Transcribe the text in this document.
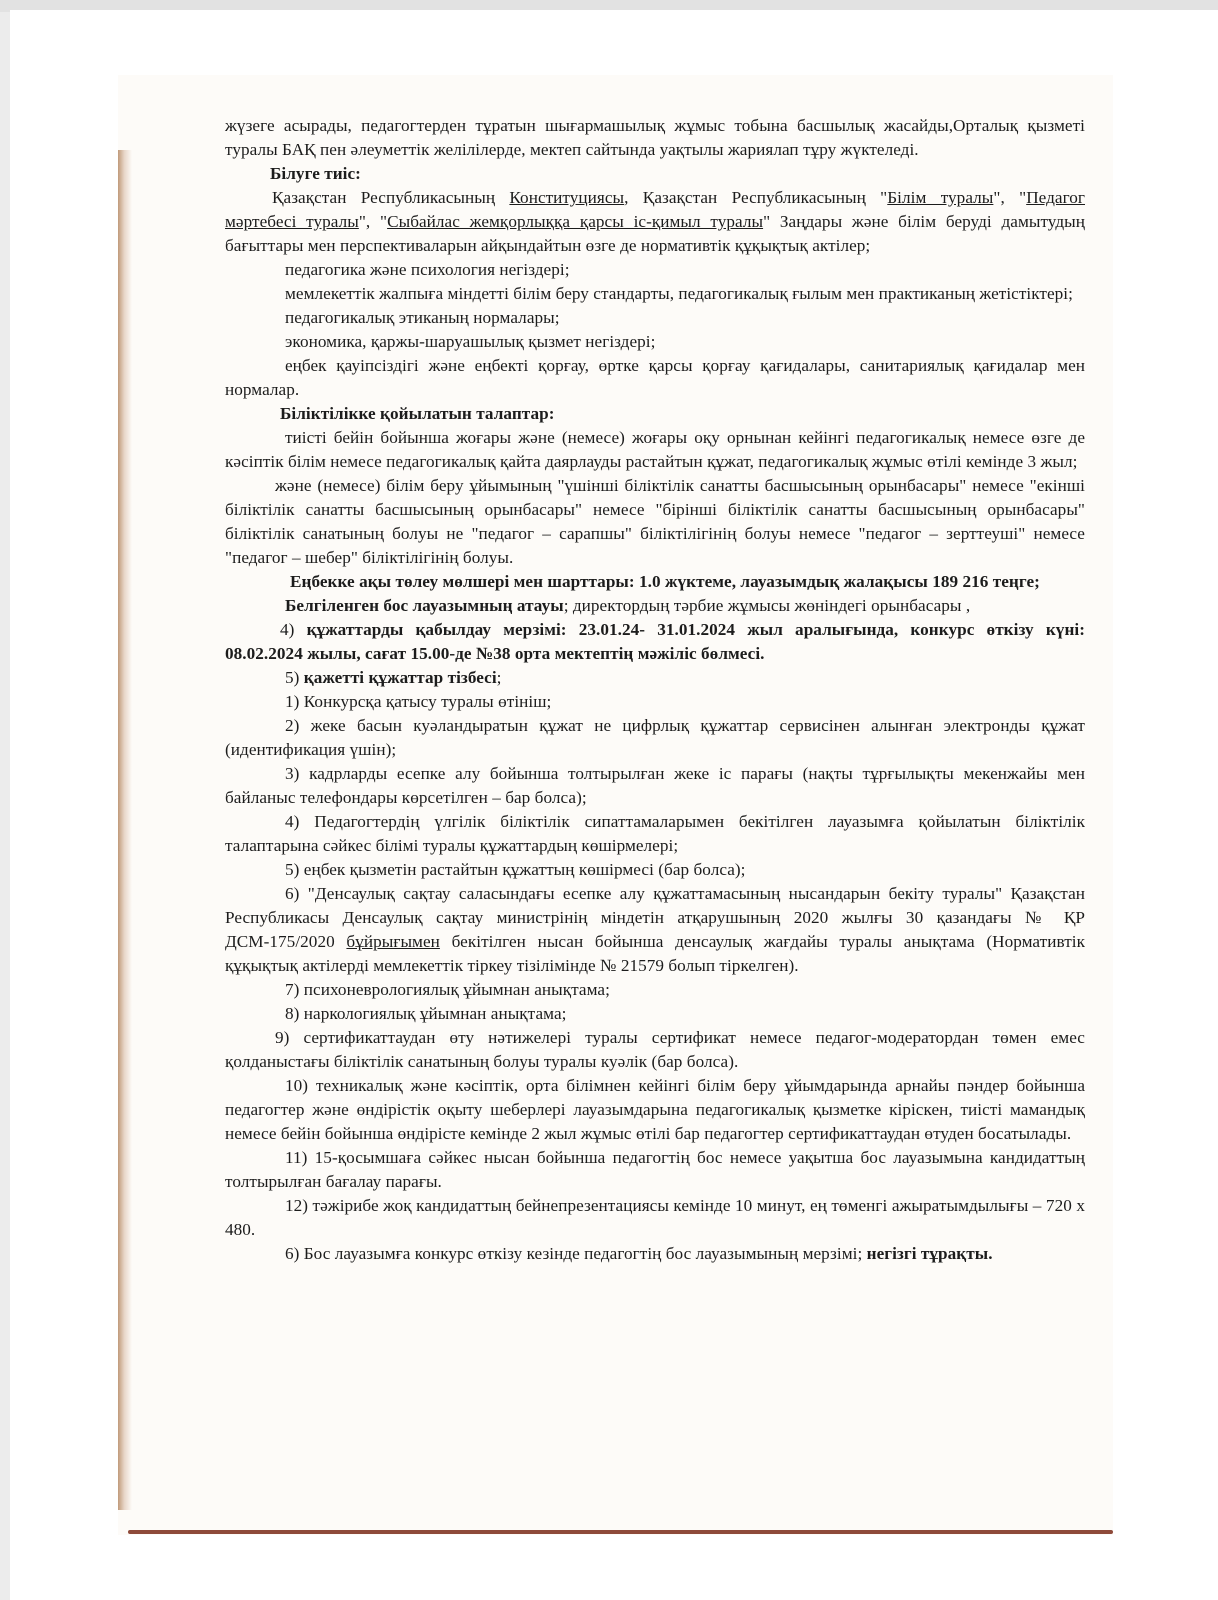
жүзеге асырады, педагогтерден тұратын шығармашылық жұмыс тобына басшылық жасайды,Орталық қызметі туралы БАҚ пен әлеуметтік желілілерде, мектеп сайтында уақтылы жариялап тұру жүктеледі.

Білуге тиіс:

Қазақстан Республикасының Конституциясы, Қазақстан Республикасының "Білім туралы", "Педагог мәртебесі туралы", "Сыбайлас жемқорлыққа қарсы іс-қимыл туралы" Заңдары және білім беруді дамытудың бағыттары мен перспективаларын айқындайтын өзге де нормативтік құқықтық актілер;

педагогика және психология негіздері;

мемлекеттік жалпыға міндетті білім беру стандарты, педагогикалық ғылым мен практиканың жетістіктері;

педагогикалық этиканың нормалары;

экономика, қаржы-шаруашылық қызмет негіздері;

еңбек қауіпсіздігі және еңбекті қорғау, өртке қарсы қорғау қағидалары, санитариялық қағидалар мен нормалар.

Біліктілікке қойылатын талаптар:

тиісті бейін бойынша жоғары және (немесе) жоғары оқу орнынан кейінгі педагогикалық немесе өзге де кәсіптік білім немесе педагогикалық қайта даярлауды растайтын құжат, педагогикалық жұмыс өтілі кемінде 3 жыл;

және (немесе) білім беру ұйымының "үшінші біліктілік санатты басшысының орынбасары" немесе "екінші біліктілік санатты басшысының орынбасары" немесе "бірінші біліктілік санатты басшысының орынбасары" біліктілік санатының болуы не "педагог – сарапшы" біліктілігінің болуы немесе "педагог – зерттеуші" немесе "педагог – шебер" біліктілігінің болуы.

Еңбекке ақы төлеу мөлшері мен шарттары: 1.0 жүктеме, лауазымдық жалақысы 189 216 теңге;

Белгіленген бос лауазымның атауы; директордың тәрбие жұмысы жөніндегі орынбасары ,

4) құжаттарды қабылдау мерзімі: 23.01.24- 31.01.2024 жыл аралығында, конкурс өткізу күні: 08.02.2024 жылы, сағат 15.00-де №38 орта мектептің мәжіліс бөлмесі.

5) қажетті құжаттар тізбесі;

1) Конкурсқа қатысу туралы өтініш;

2) жеке басын куәландыратын құжат не цифрлық құжаттар сервисінен алынған электронды құжат (идентификация үшін);

3) кадрларды есепке алу бойынша толтырылған жеке іс парағы (нақты тұрғылықты мекенжайы мен байланыс телефондары көрсетілген – бар болса);

4) Педагогтердің үлгілік біліктілік сипаттамаларымен бекітілген лауазымға қойылатын біліктілік талаптарына сәйкес білімі туралы құжаттардың көшірмелері;

5) еңбек қызметін растайтын құжаттың көшірмесі (бар болса);

6) "Денсаулық сақтау саласындағы есепке алу құжаттамасының нысандарын бекіту туралы" Қазақстан Республикасы Денсаулық сақтау министрінің міндетін атқарушының 2020 жылғы 30 қазандағы № ҚР ДСМ-175/2020 бұйрығымен бекітілген нысан бойынша денсаулық жағдайы туралы анықтама (Нормативтік құқықтық актілерді мемлекеттік тіркеу тізілімінде № 21579 болып тіркелген).

7) психоневрологиялық ұйымнан анықтама;

8) наркологиялық ұйымнан анықтама;

9) сертификаттаудан өту нәтижелері туралы сертификат немесе педагог-модератордан төмен емес қолданыстағы біліктілік санатының болуы туралы куәлік (бар болса).

10) техникалық және кәсіптік, орта білімнен кейінгі білім беру ұйымдарында арнайы пәндер бойынша педагогтер және өндірістік оқыту шеберлері лауазымдарына педагогикалық қызметке кіріскен, тиісті мамандық немесе бейін бойынша өндірісте кемінде 2 жыл жұмыс өтілі бар педагогтер сертификаттаудан өтуден босатылады.

11) 15-қосымшаға сәйкес нысан бойынша педагогтің бос немесе уақытша бос лауазымына кандидаттың толтырылған бағалау парағы.

12) тәжірибе жоқ кандидаттың бейнепрезентациясы кемінде 10 минут, ең төменгі ажыратымдылығы – 720 x 480.

6) Бос лауазымға конкурс өткізу кезінде педагогтің бос лауазымының мерзімі; негізгі тұрақты.
